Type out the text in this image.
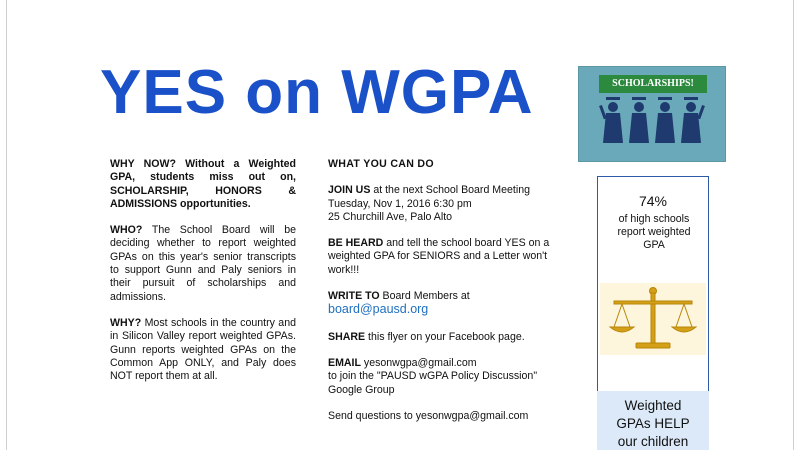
YES on WGPA

WHY NOW? Without a Weighted GPA, students miss out on, SCHOLARSHIP, HONORS & ADMISSIONS opportunities.

WHO? The School Board will be deciding whether to report weighted GPAs on this year's senior transcripts to support Gunn and Paly seniors in their pursuit of scholarships and admissions.

WHY? Most schools in the country and in Silicon Valley report weighted GPAs. Gunn reports weighted GPAs on the Common App ONLY, and Paly does NOT report them at all.

WHAT YOU CAN DO

JOIN US at the next School Board Meeting
Tuesday, Nov 1, 2016 6:30 pm
25 Churchill Ave, Palo Alto

BE HEARD and tell the school board YES on a weighted GPA for SENIORS and a Letter won't work!!!

WRITE TO Board Members at
board@pausd.org

SHARE this flyer on your Facebook page.

EMAIL yesonwgpa@gmail.com
to join the "PAUSD wGPA Policy Discussion"
Google Group

Send questions to yesonwgpa@gmail.com

SCHOLARSHIPS!
74%
of high schools report weighted GPA
Weighted
GPAs HELP
our children
